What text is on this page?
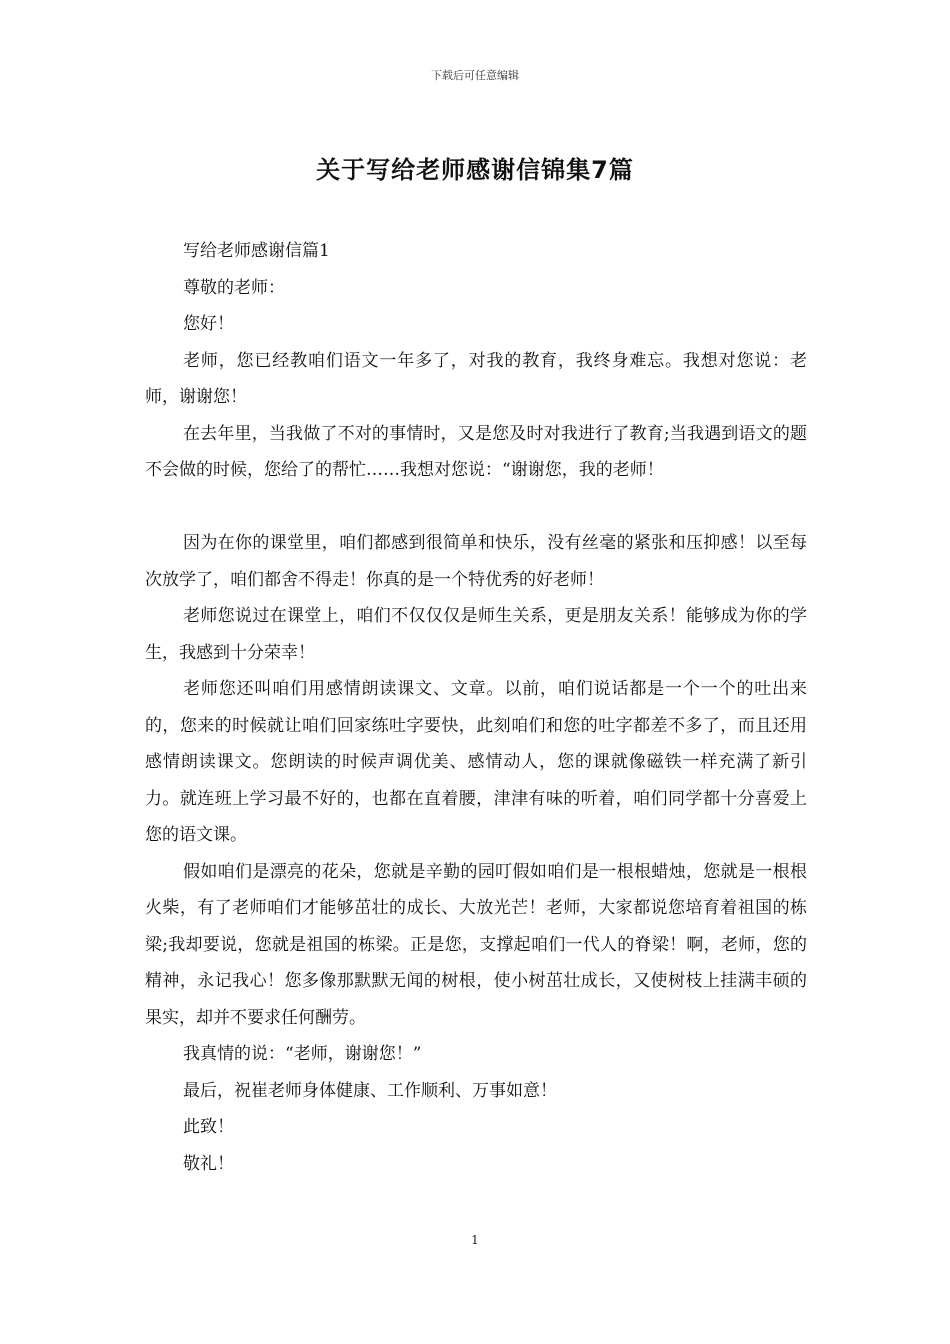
下载后可任意编辑
关于写给老师感谢信锦集7篇

写给老师感谢信篇1

尊敬的老师：

您好！

老师，您已经教咱们语文一年多了，对我的教育，我终身难忘。我想对您说：老师，谢谢您！

在去年里，当我做了不对的事情时，又是您及时对我进行了教育;当我遇到语文的题不会做的时候，您给了的帮忙……我想对您说：“谢谢您，我的老师！

因为在你的课堂里，咱们都感到很简单和快乐，没有丝毫的紧张和压抑感！以至每次放学了，咱们都舍不得走！你真的是一个特优秀的好老师！

老师您说过在课堂上，咱们不仅仅仅是师生关系，更是朋友关系！能够成为你的学生，我感到十分荣幸！

老师您还叫咱们用感情朗读课文、文章。以前，咱们说话都是一个一个的吐出来的，您来的时候就让咱们回家练吐字要快，此刻咱们和您的吐字都差不多了，而且还用感情朗读课文。您朗读的时候声调优美、感情动人，您的课就像磁铁一样充满了新引力。就连班上学习最不好的，也都在直着腰，津津有味的听着，咱们同学都十分喜爱上您的语文课。

假如咱们是漂亮的花朵，您就是辛勤的园叮假如咱们是一根根蜡烛，您就是一根根火柴，有了老师咱们才能够茁壮的成长、大放光芒！老师，大家都说您培育着祖国的栋梁;我却要说，您就是祖国的栋梁。正是您，支撑起咱们一代人的脊梁！啊，老师，您的精神，永记我心！您多像那默默无闻的树根，使小树茁壮成长，又使树枝上挂满丰硕的果实，却并不要求任何酬劳。

我真情的说：“老师，谢谢您！”

最后，祝崔老师身体健康、工作顺利、万事如意！

此致！

敬礼！

1
